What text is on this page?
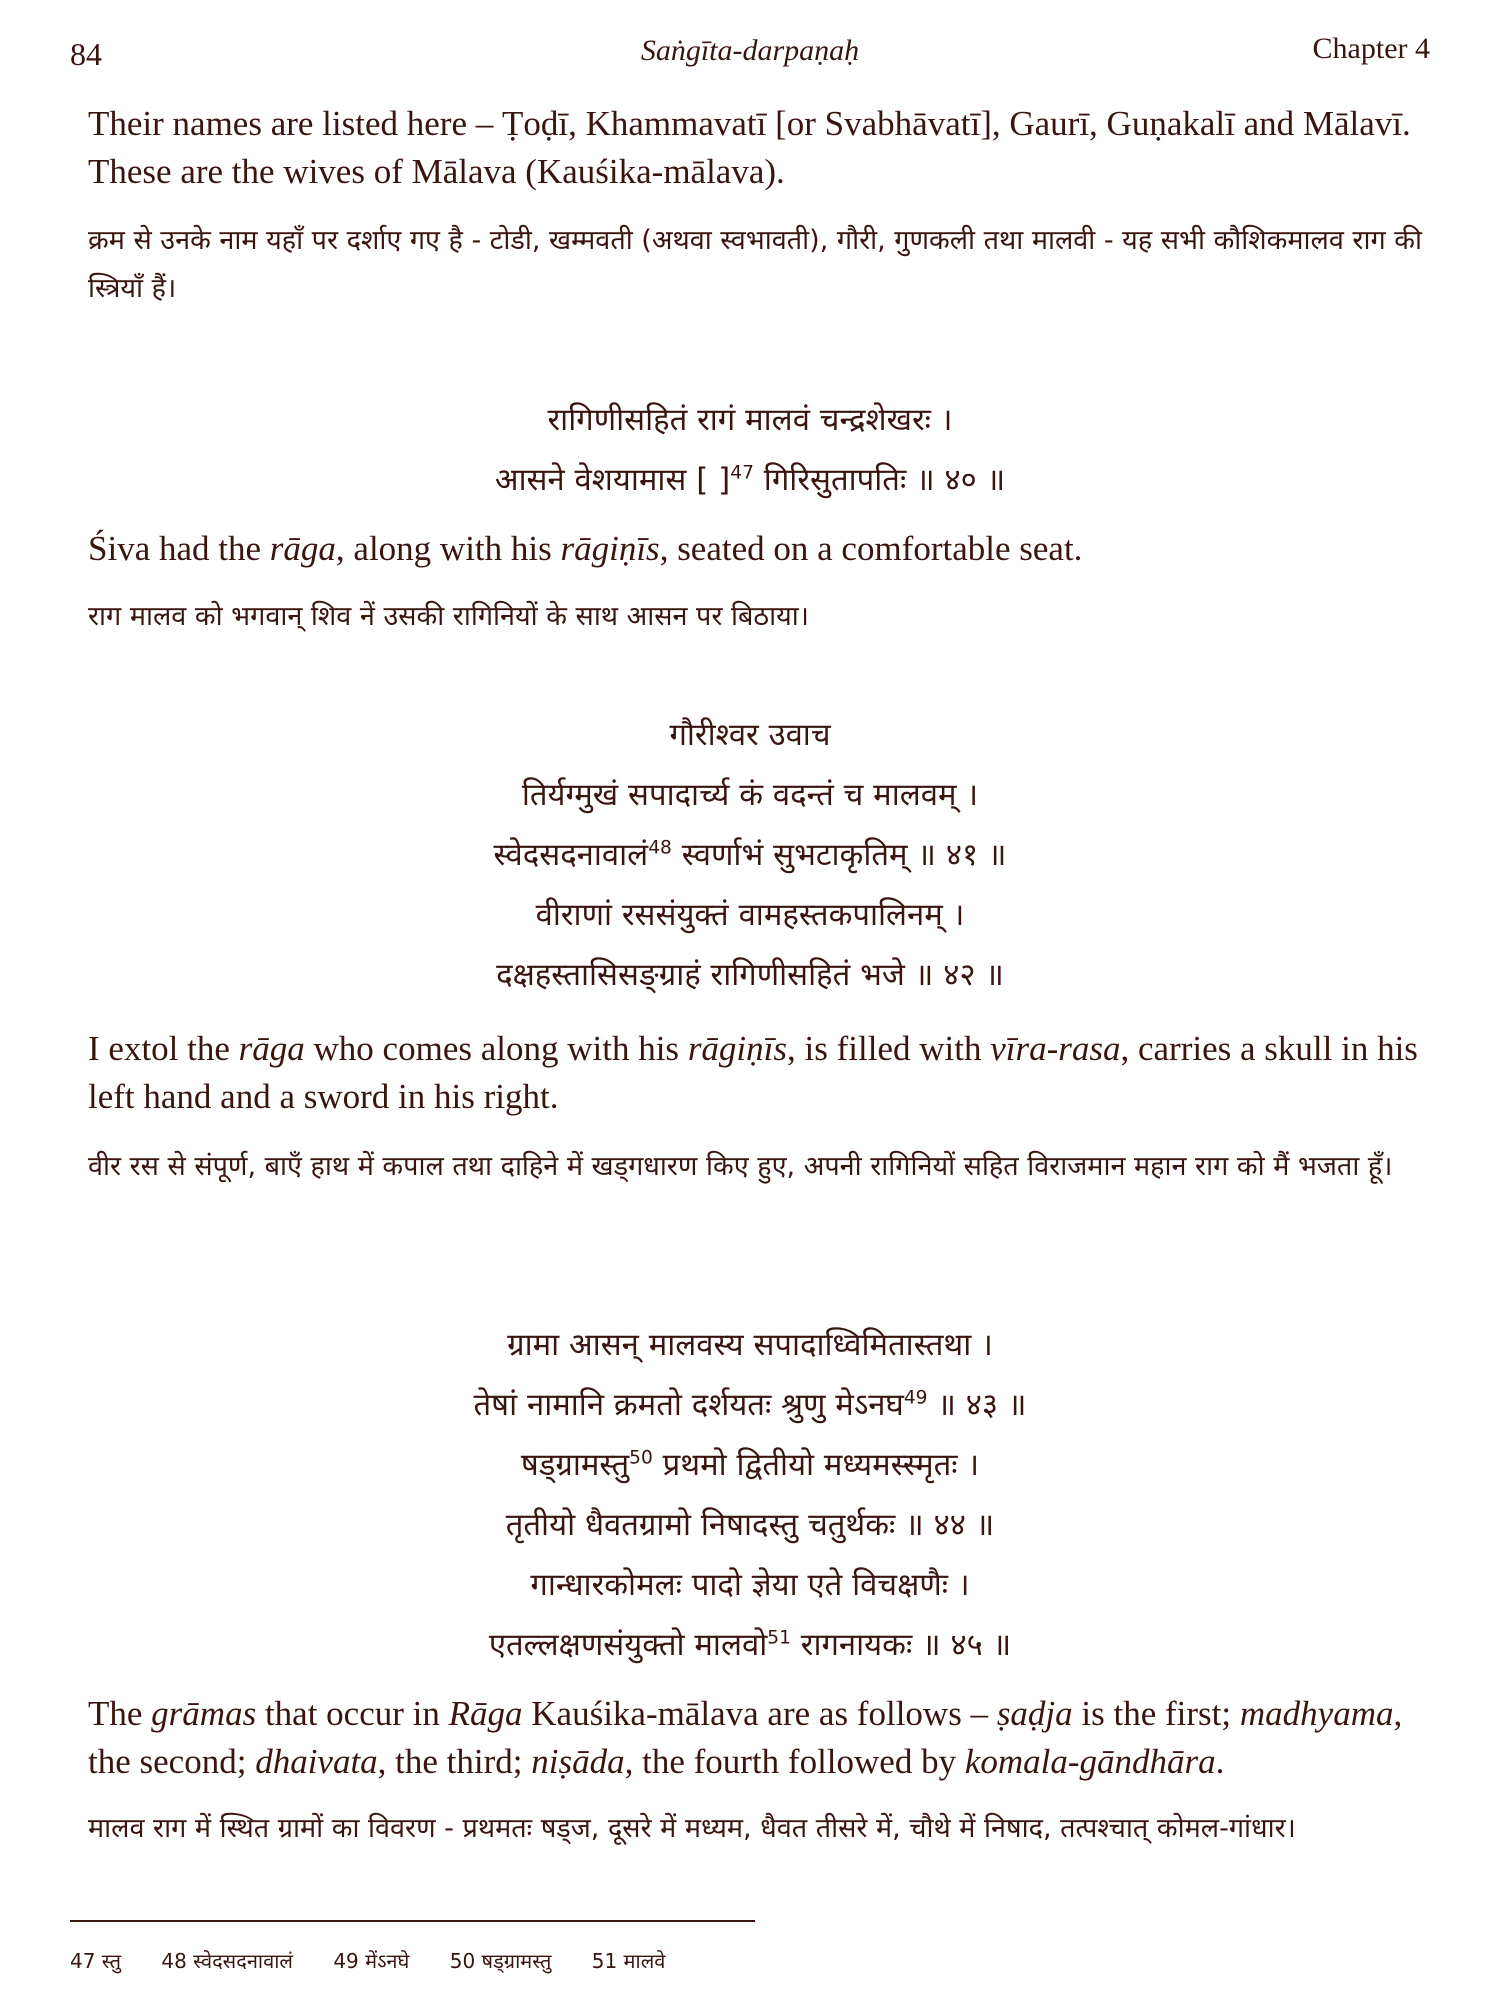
84	Saṅgīta-darpaṇaḥ	Chapter 4

Their names are listed here – Ṭoḍī, Khammavatī [or Svabhāvatī], Gaurī, Guṇakalī and Mālavī. These are the wives of Mālava (Kauśika-mālava).

क्रम से उनके नाम यहाँ पर दर्शाए गए है - टोडी, खम्मवती (अथवा स्वभावती), गौरी, गुणकली तथा मालवी - यह सभी कौशिकमालव राग की स्त्रियाँ हैं।

रागिणीसहितं रागं मालवं चन्द्रशेखरः ।
आसने वेशयामास [ ]$^{47}$ गिरिसुतापतिः ॥ ४० ॥

Śiva had the rāga, along with his rāgiṇīs, seated on a comfortable seat.

राग मालव को भगवान् शिव नें उसकी रागिनियों के साथ आसन पर बिठाया।

गौरीश्वर उवाच
तिर्यग्मुखं सपादार्च्य कं वदन्तं च मालवम् ।
स्वेदसदनावालं$^{48}$ स्वर्णाभं सुभटाकृतिम् ॥ ४१ ॥
वीराणां रससंयुक्तं वामहस्तकपालिनम् ।
दक्षहस्तासिसङ्ग्राहं रागिणीसहितं भजे ॥ ४२ ॥

I extol the rāga who comes along with his rāgiṇīs, is filled with vīra-rasa, carries a skull in his left hand and a sword in his right.

वीर रस से संपूर्ण, बाएँ हाथ में कपाल तथा दाहिने में खड्गधारण किए हुए, अपनी रागिनियों सहित विराजमान महान राग को मैं भजता हूँ।

ग्रामा आसन् मालवस्य सपादाध्विमितास्तथा ।
तेषां नामानि क्रमतो दर्शयतः श्रुणु मेऽनघ$^{49}$ ॥ ४३ ॥
षड्ग्रामस्तु$^{50}$ प्रथमो द्वितीयो मध्यमस्स्मृतः ।
तृतीयो धैवतग्रामो निषादस्तु चतुर्थकः ॥ ४४ ॥
गान्धारकोमलः पादो ज्ञेया एते विचक्षणैः ।
एतल्लक्षणसंयुक्तो मालवो$^{51}$ रागनायकः ॥ ४५ ॥

The grāmas that occur in Rāga Kauśika-mālava are as follows – ṣaḍja is the first; madhyama, the second; dhaivata, the third; niṣāda, the fourth followed by komala-gāndhāra.

मालव राग में स्थित ग्रामों का विवरण - प्रथमतः षड्ज, दूसरे में मध्यम, धैवत तीसरे में, चौथे में निषाद, तत्पश्चात् कोमल-गांधार।

47 स्तु 48 स्वेदसदनावालं 49 मेंऽनघे 50 षड्ग्रामस्तु 51 मालवे
